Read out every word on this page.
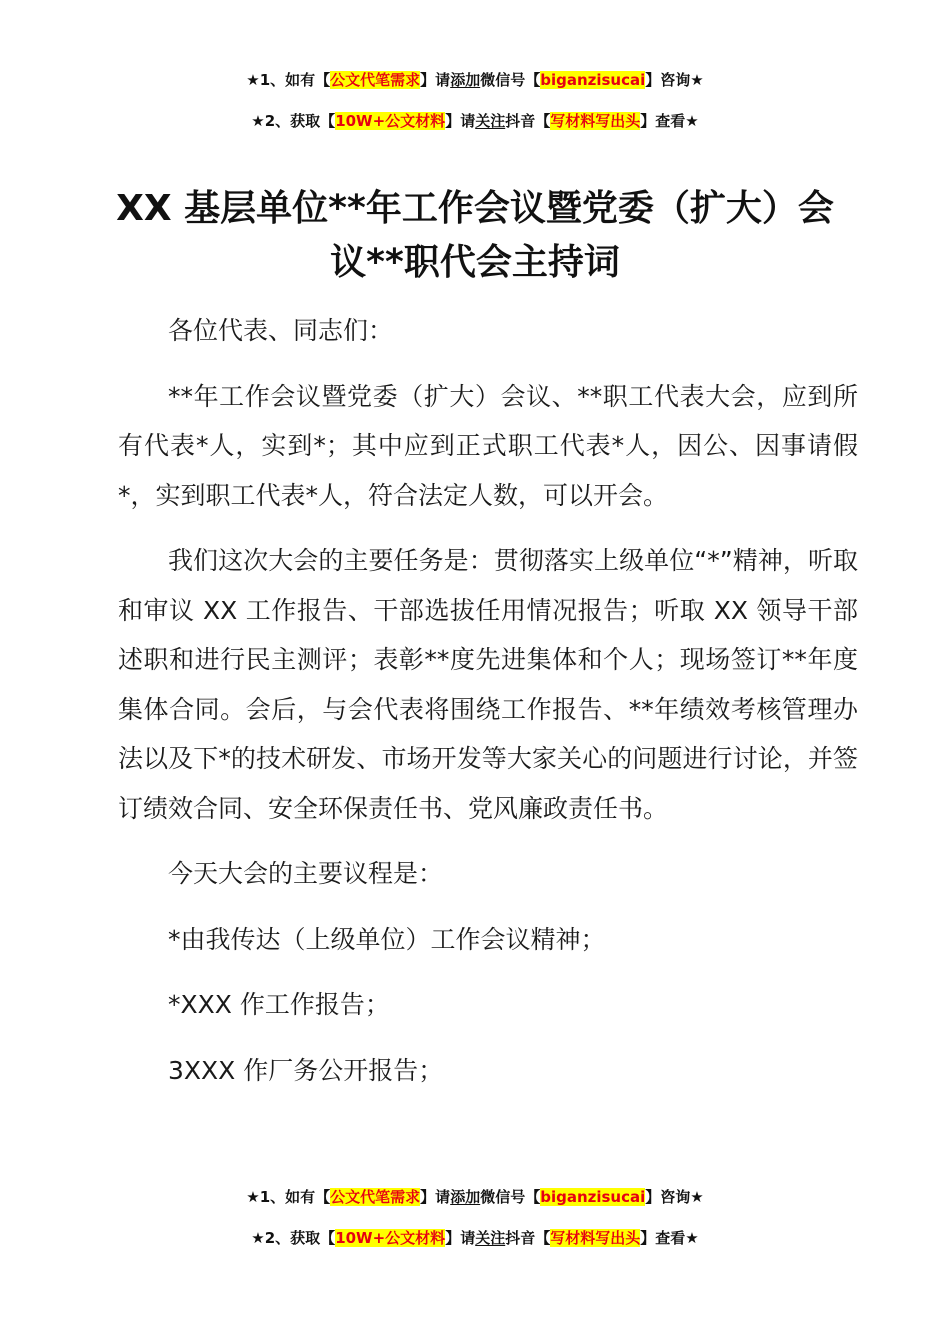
★1、如有【公文代笔需求】请添加微信号【biganzisucai】咨询★
★2、获取【10W+公文材料】请关注抖音【写材料写出头】查看★
XX 基层单位**年工作会议暨党委（扩大）会
议**职代会主持词

各位代表、同志们：

**年工作会议暨党委（扩大）会议、**职工代表大会，应到所有代表*人，实到*；其中应到正式职工代表*人，因公、因事请假*，实到职工代表*人，符合法定人数，可以开会。

我们这次大会的主要任务是：贯彻落实上级单位“*”精神，听取和审议 XX 工作报告、干部选拔任用情况报告；听取 XX 领导干部述职和进行民主测评；表彰**度先进集体和个人；现场签订**年度集体合同。会后，与会代表将围绕工作报告、**年绩效考核管理办法以及下*的技术研发、市场开发等大家关心的问题进行讨论，并签订绩效合同、安全环保责任书、党风廉政责任书。

今天大会的主要议程是：

*由我传达（上级单位）工作会议精神；

*XXX 作工作报告；

3XXX 作厂务公开报告；

★1、如有【公文代笔需求】请添加微信号【biganzisucai】咨询★
★2、获取【10W+公文材料】请关注抖音【写材料写出头】查看★
